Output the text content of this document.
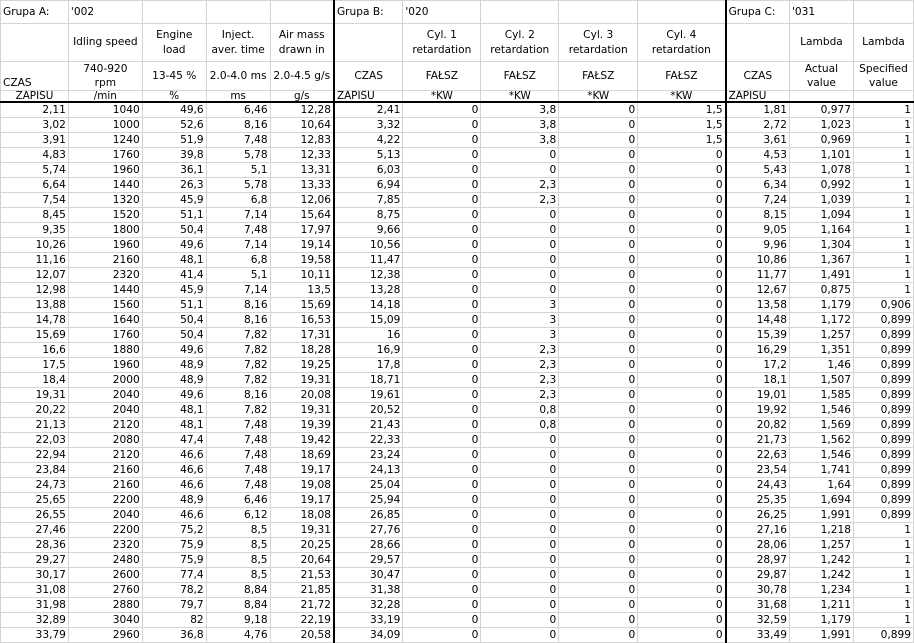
Grupa A:	'002				Grupa B:	'020				Grupa C:	'031	
	Idling speed	Engine load	Inject. aver. time	Air mass drawn in		Cyl. 1 retardation	Cyl. 2 retardation	Cyl. 3 retardation	Cyl. 4 retardation		Lambda	Lambda
CZAS	740-920 rpm	13-45 %	2.0-4.0 ms	2.0-4.5 g/s	CZAS	FAŁSZ	FAŁSZ	FAŁSZ	FAŁSZ	CZAS	Actual value	Specified value
ZAPISU	/min	%	ms	g/s	ZAPISU	*KW	*KW	*KW	*KW	ZAPISU		
2,11	1040	49,6	6,46	12,28	2,41	0	3,8	0	1,5	1,81	0,977	1
3,02	1000	52,6	8,16	10,64	3,32	0	3,8	0	1,5	2,72	1,023	1
3,91	1240	51,9	7,48	12,83	4,22	0	3,8	0	1,5	3,61	0,969	1
4,83	1760	39,8	5,78	12,33	5,13	0	0	0	0	4,53	1,101	1
5,74	1960	36,1	5,1	13,31	6,03	0	0	0	0	5,43	1,078	1
6,64	1440	26,3	5,78	13,33	6,94	0	2,3	0	0	6,34	0,992	1
7,54	1320	45,9	6,8	12,06	7,85	0	2,3	0	0	7,24	1,039	1
8,45	1520	51,1	7,14	15,64	8,75	0	0	0	0	8,15	1,094	1
9,35	1800	50,4	7,48	17,97	9,66	0	0	0	0	9,05	1,164	1
10,26	1960	49,6	7,14	19,14	10,56	0	0	0	0	9,96	1,304	1
11,16	2160	48,1	6,8	19,58	11,47	0	0	0	0	10,86	1,367	1
12,07	2320	41,4	5,1	10,11	12,38	0	0	0	0	11,77	1,491	1
12,98	1440	45,9	7,14	13,5	13,28	0	0	0	0	12,67	0,875	1
13,88	1560	51,1	8,16	15,69	14,18	0	3	0	0	13,58	1,179	0,906
14,78	1640	50,4	8,16	16,53	15,09	0	3	0	0	14,48	1,172	0,899
15,69	1760	50,4	7,82	17,31	16	0	3	0	0	15,39	1,257	0,899
16,6	1880	49,6	7,82	18,28	16,9	0	2,3	0	0	16,29	1,351	0,899
17,5	1960	48,9	7,82	19,25	17,8	0	2,3	0	0	17,2	1,46	0,899
18,4	2000	48,9	7,82	19,31	18,71	0	2,3	0	0	18,1	1,507	0,899
19,31	2040	49,6	8,16	20,08	19,61	0	2,3	0	0	19,01	1,585	0,899
20,22	2040	48,1	7,82	19,31	20,52	0	0,8	0	0	19,92	1,546	0,899
21,13	2120	48,1	7,48	19,39	21,43	0	0,8	0	0	20,82	1,569	0,899
22,03	2080	47,4	7,48	19,42	22,33	0	0	0	0	21,73	1,562	0,899
22,94	2120	46,6	7,48	18,69	23,24	0	0	0	0	22,63	1,546	0,899
23,84	2160	46,6	7,48	19,17	24,13	0	0	0	0	23,54	1,741	0,899
24,73	2160	46,6	7,48	19,08	25,04	0	0	0	0	24,43	1,64	0,899
25,65	2200	48,9	6,46	19,17	25,94	0	0	0	0	25,35	1,694	0,899
26,55	2040	46,6	6,12	18,08	26,85	0	0	0	0	26,25	1,991	0,899
27,46	2200	75,2	8,5	19,31	27,76	0	0	0	0	27,16	1,218	1
28,36	2320	75,9	8,5	20,25	28,66	0	0	0	0	28,06	1,257	1
29,27	2480	75,9	8,5	20,64	29,57	0	0	0	0	28,97	1,242	1
30,17	2600	77,4	8,5	21,53	30,47	0	0	0	0	29,87	1,242	1
31,08	2760	78,2	8,84	21,85	31,38	0	0	0	0	30,78	1,234	1
31,98	2880	79,7	8,84	21,72	32,28	0	0	0	0	31,68	1,211	1
32,89	3040	82	9,18	22,19	33,19	0	0	0	0	32,59	1,179	1
33,79	2960	36,8	4,76	20,58	34,09	0	0	0	0	33,49	1,991	0,899
